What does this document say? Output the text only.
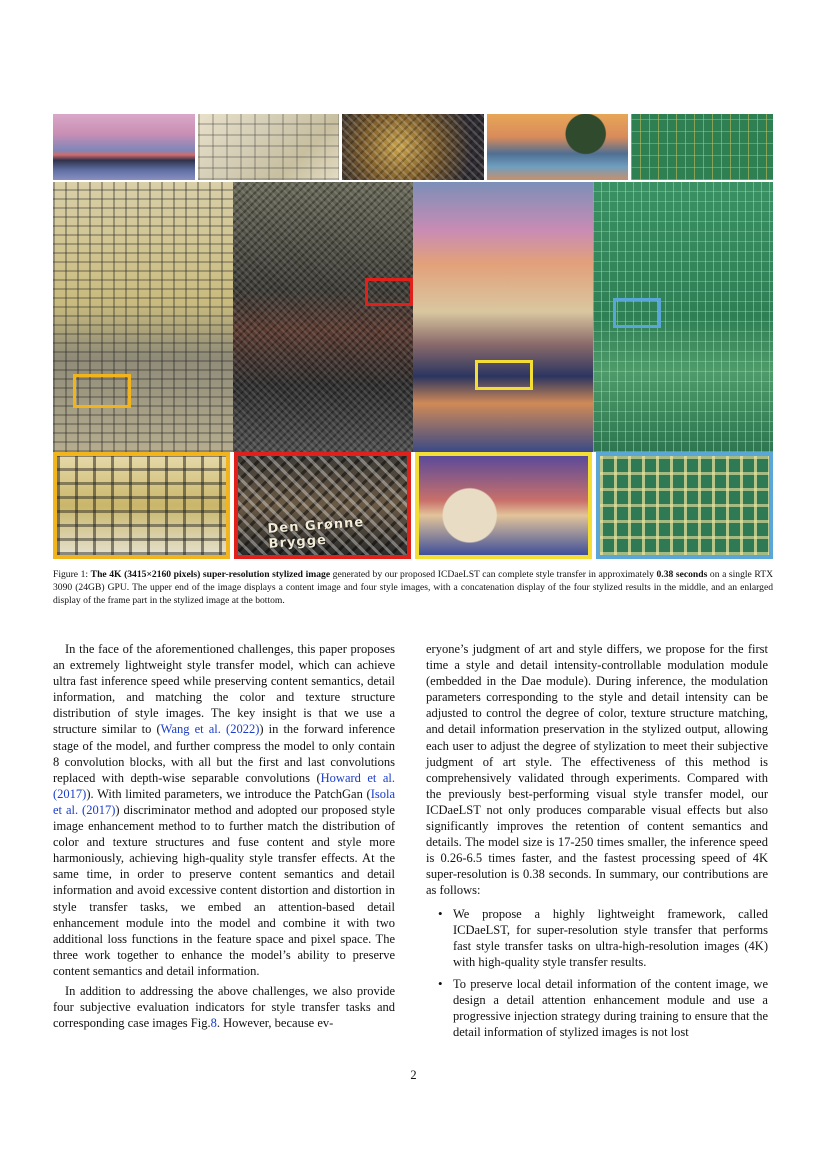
Den Grønne Bryggе
Figure 1: The 4K (3415×2160 pixels) super-resolution stylized image generated by our proposed ICDaeLST can complete style transfer in approximately 0.38 seconds on a single RTX 3090 (24GB) GPU. The upper end of the image displays a content image and four style images, with a concatenation display of the four stylized results in the middle, and an enlarged display of the frame part in the stylized image at the bottom.

In the face of the aforementioned challenges, this paper proposes an extremely lightweight style transfer model, which can achieve ultra fast inference speed while preserving content semantics, detail information, and matching the color and texture structure distribution of style images. The key insight is that we use a structure similar to (Wang et al. (2022)) in the forward inference stage of the model, and further compress the model to only contain 8 convolution blocks, with all but the first and last convolutions replaced with depth-wise separable convolutions (Howard et al. (2017)). With limited parameters, we introduce the PatchGan (Isola et al. (2017)) discriminator method and adopted our proposed style image enhancement method to to further match the distribution of color and texture structures and fuse content and style more harmoniously, achieving high-quality style transfer effects. At the same time, in order to preserve content semantics and detail information and avoid excessive content distortion and distortion in style transfer tasks, we embed an attention-based detail enhancement module into the model and combine it with two additional loss functions in the feature space and pixel space. The three work together to enhance the model’s ability to preserve content semantics and detail information.

In addition to addressing the above challenges, we also provide four subjective evaluation indicators for style transfer tasks and corresponding case images Fig.8. However, because ev-

eryone’s judgment of art and style differs, we propose for the first time a style and detail intensity-controllable modulation module (embedded in the Dae module). During inference, the modulation parameters corresponding to the style and detail intensity can be adjusted to control the degree of color, texture structure matching, and detail information preservation in the stylized output, allowing each user to adjust the degree of stylization to meet their subjective judgment of art style. The effectiveness of this method is comprehensively validated through experiments. Compared with the previously best-performing visual style transfer model, our ICDaeLST not only produces comparable visual effects but also significantly improves the retention of content semantics and details. The model size is 17-250 times smaller, the inference speed is 0.26-6.5 times faster, and the fastest processing speed of 4K super-resolution is 0.38 seconds. In summary, our contributions are as follows:

• We propose a highly lightweight framework, called ICDaeLST, for super-resolution style transfer that performs fast style transfer tasks on ultra-high-resolution images (4K) with high-quality style transfer results.
• To preserve local detail information of the content image, we design a detail attention enhancement module and use a progressive injection strategy during training to ensure that the detail information of stylized images is not lost
2
